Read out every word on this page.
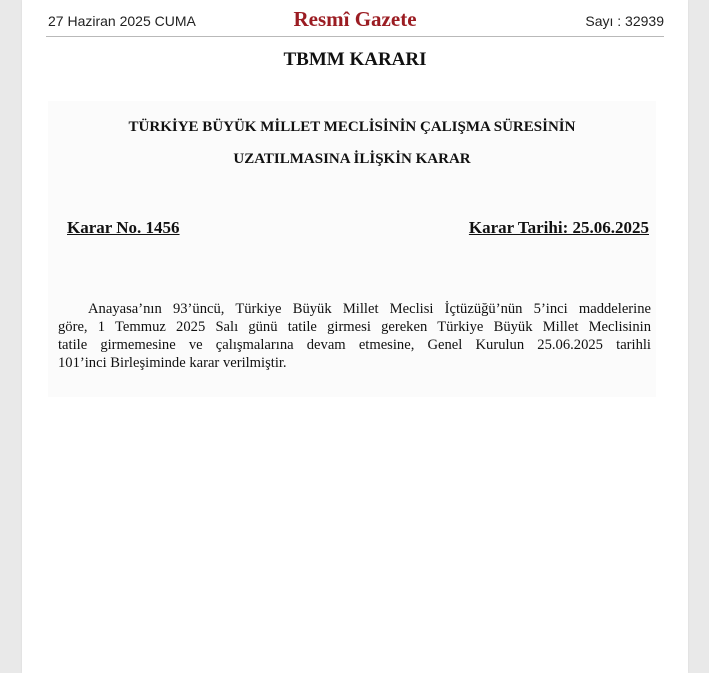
27 Haziran 2025 CUMA	Resmî Gazete	Sayı : 32939
TBMM KARARI
TÜRKİYE BÜYÜK MİLLET MECLİSİNİN ÇALIŞMA SÜRESİNİN
UZATILMASINA İLİŞKİN KARAR
Karar No. 1456	Karar Tarihi: 25.06.2025
Anayasa’nın 93’üncü, Türkiye Büyük Millet Meclisi İçtüzüğü’nün 5’inci maddelerine
göre, 1 Temmuz 2025 Salı günü tatile girmesi gereken Türkiye Büyük Millet Meclisinin
tatile girmemesine ve çalışmalarına devam etmesine, Genel Kurulun 25.06.2025 tarihli
101’inci Birleşiminde karar verilmiştir.
